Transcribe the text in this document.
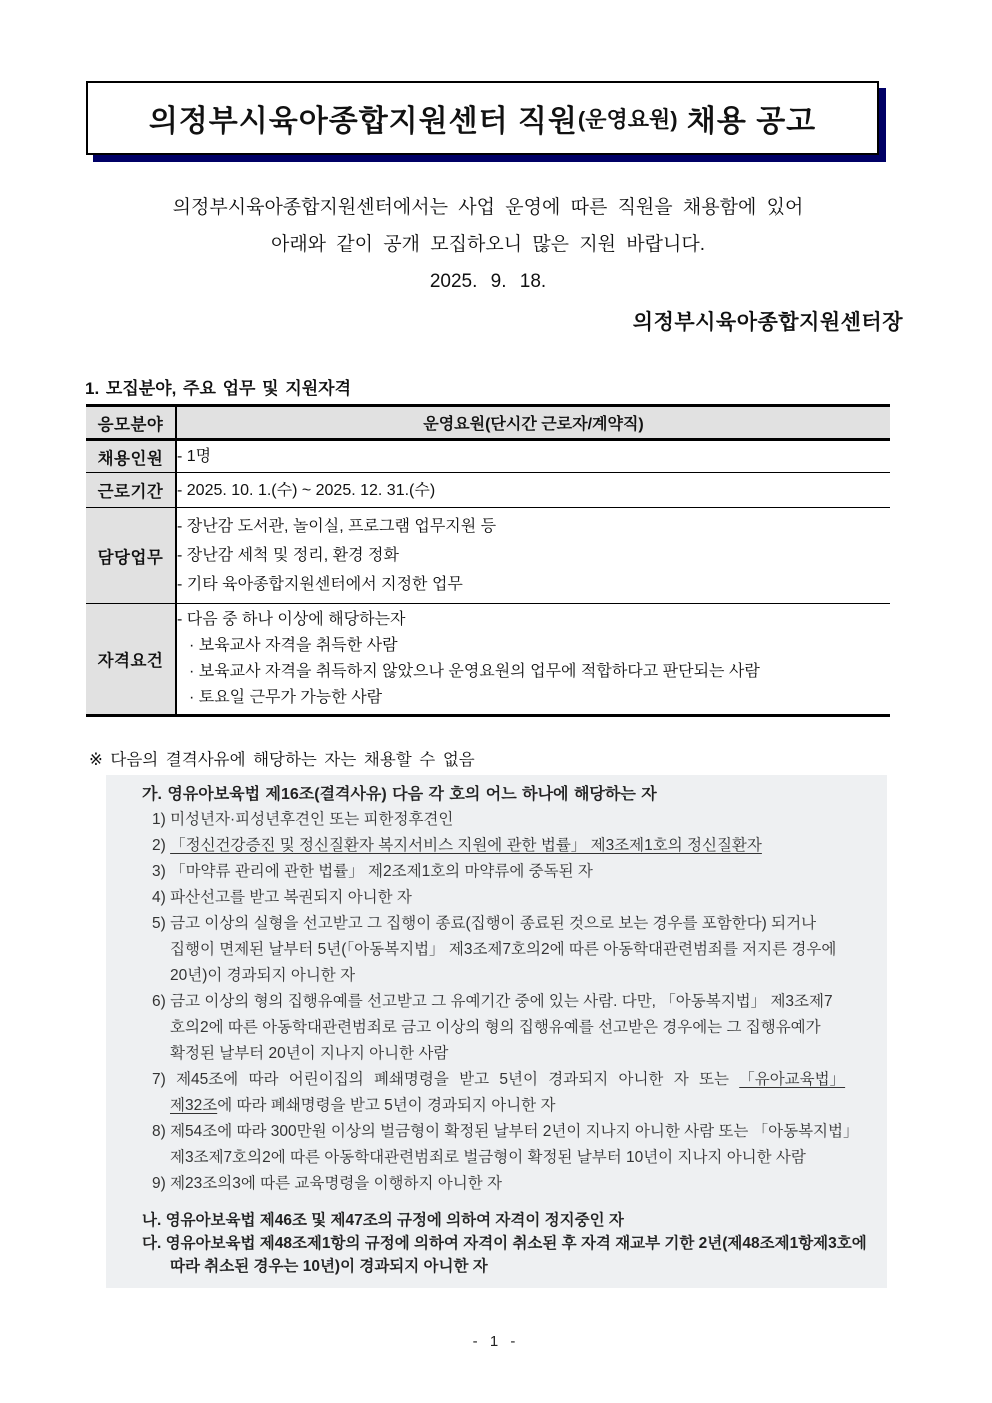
의정부시육아종합지원센터 직원 (운영요원) 채용 공고

의정부시육아종합지원센터에서는 사업 운영에 따른 직원을 채용함에 있어

아래와 같이 공개 모집하오니 많은 지원 바랍니다.

2025. 9. 18.

의정부시육아종합지원센터장
1. 모집분야, 주요 업무 및 지원자격
응모분야	운영요원(단시간 근로자/계약직)
채용인원	- 1명

근로기간	- 2025. 10. 1.(수) ~ 2025. 12. 31.(수)

담당업무	- 장난감 도서관, 놀이실, 프로그램 업무지원 등
- 장난감 세척 및 정리, 환경 정화
- 기타 육아종합지원센터에서 지정한 업무

자격요건	- 다음 중 하나 이상에 해당하는자
· 보육교사 자격을 취득한 사람
· 보육교사 자격을 취득하지 않았으나 운영요원의 업무에 적합하다고 판단되는 사람
· 토요일 근무가 가능한 사람
※ 다음의 결격사유에 해당하는 자는 채용할 수 없음
가. 영유아보육법 제16조(결격사유) 다음 각 호의 어느 하나에 해당하는 자
1) 미성년자·피성년후견인 또는 피한정후견인
2) 「정신건강증진 및 정신질환자 복지서비스 지원에 관한 법률」 제3조제1호의 정신질환자
3) 「마약류 관리에 관한 법률」 제2조제1호의 마약류에 중독된 자
4) 파산선고를 받고 복권되지 아니한 자
5) 금고 이상의 실형을 선고받고 그 집행이 종료(집행이 종료된 것으로 보는 경우를 포함한다) 되거나
집행이 면제된 날부터 5년(「아동복지법」 제3조제7호의2에 따른 아동학대관련범죄를 저지른 경우에
20년)이 경과되지 아니한 자
6) 금고 이상의 형의 집행유예를 선고받고 그 유예기간 중에 있는 사람. 다만, 「아동복지법」 제3조제7
호의2에 따른 아동학대관련범죄로 금고 이상의 형의 집행유예를 선고받은 경우에는 그 집행유예가
확정된 날부터 20년이 지나지 아니한 사람
7) 제45조에 따라 어린이집의 폐쇄명령을 받고 5년이 경과되지 아니한 자 또는 「유아교육법」
제32조에 따라 폐쇄명령을 받고 5년이 경과되지 아니한 자
8) 제54조에 따라 300만원 이상의 벌금형이 확정된 날부터 2년이 지나지 아니한 사람 또는 「아동복지법」
제3조제7호의2에 따른 아동학대관련범죄로 벌금형이 확정된 날부터 10년이 지나지 아니한 사람
9) 제23조의3에 따른 교육명령을 이행하지 아니한 자
나. 영유아보육법 제46조 및 제47조의 규정에 의하여 자격이 정지중인 자
다. 영유아보육법 제48조제1항의 규정에 의하여 자격이 취소된 후 자격 재교부 기한 2년(제48조제1항제3호에
따라 취소된 경우는 10년)이 경과되지 아니한 자
- 1 -
